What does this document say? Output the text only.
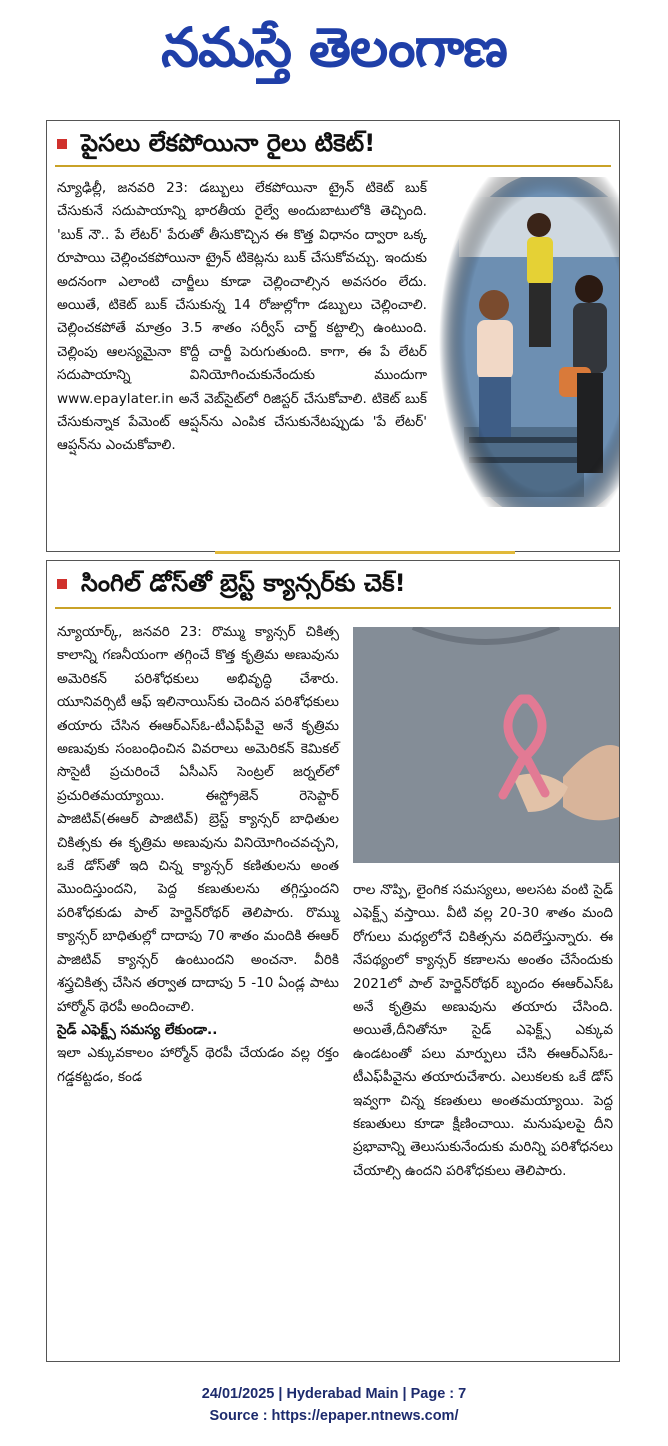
నమస్తే తెలంగాణ
పైసలు లేకపోయినా రైలు టికెట్!

న్యూఢిల్లీ, జనవరి 23: డబ్బులు లేకపోయినా ట్రైన్ టికెట్ బుక్ చేసుకునే సదుపాయాన్ని భారతీయ రైల్వే అందుబాటులోకి తెచ్చింది. 'బుక్ నౌ.. పే లేటర్' పేరుతో తీసుకొచ్చిన ఈ కొత్త విధానం ద్వారా ఒక్క రూపాయి చెల్లించకపోయినా ట్రైన్ టికెట్లను బుక్ చేసుకోవచ్చు. ఇందుకు అదనంగా ఎలాంటి చార్జీలు కూడా చెల్లించాల్సిన అవసరం లేదు. అయితే, టికెట్ బుక్ చేసుకున్న 14 రోజుల్లోగా డబ్బులు చెల్లించాలి. చెల్లించకపోతే మాత్రం 3.5 శాతం సర్వీస్ చార్జ్ కట్టాల్సి ఉంటుంది. చెల్లింపు ఆలస్యమైనా కొద్దీ చార్జీ పెరుగుతుంది. కాగా, ఈ పే లేటర్ సదుపాయాన్ని వినియోగించుకునేందుకు ముందుగా www.epaylater.in అనే వెబ్‌సైట్‌లో రిజిస్టర్ చేసుకోవాలి. టికెట్ బుక్ చేసుకున్నాక పేమెంట్ ఆప్షన్‌ను ఎంపిక చేసుకునేటప్పుడు 'పే లేటర్' ఆప్షన్‌ను ఎంచుకోవాలి.

సింగిల్ డోస్‌తో బ్రెస్ట్ క్యాన్సర్‌కు చెక్!

న్యూయార్క్, జనవరి 23: రొమ్ము క్యాన్సర్ చికిత్స కాలాన్ని గణనీయంగా తగ్గించే కొత్త కృత్రిమ అణువును అమెరికన్ పరిశోధకులు అభివృద్ధి చేశారు. యూనివర్సిటీ ఆఫ్ ఇలినాయిస్‌కు చెందిన పరిశోధకులు తయారు చేసిన ఈఆర్ఎస్ఓ-టీఎఫ్‌పీవై అనే కృత్రిమ అణువుకు సంబంధించిన వివరాలు అమెరికన్ కెమికల్ సొసైటీ ప్రచురించే ఏసీఎస్ సెంట్రల్ జర్నల్‌లో ప్రచురితమయ్యాయి. ఈస్ట్రోజెన్ రెసెప్టార్ పాజిటివ్(ఈఆర్ పాజిటివ్) బ్రెస్ట్ క్యాన్సర్ బాధితుల చికిత్సకు ఈ కృత్రిమ అణువును వినియోగించవచ్చని, ఒకే డోస్‌తో ఇది చిన్న క్యాన్సర్ కణితులను అంత మొందిస్తుందని, పెద్ద కణుతులను తగ్గిస్తుందని పరిశోధకుడు పాల్ హెర్జెన్‌రోథర్ తెలిపారు. రొమ్ము క్యాన్సర్ బాధితుల్లో దాదాపు 70 శాతం మందికి ఈఆర్ పాజిటివ్ క్యాన్సర్ ఉంటుందని అంచనా. వీరికి శస్త్రచికిత్స చేసిన తర్వాత దాదాపు 5 -10 ఏండ్ల పాటు హార్మోన్ థెరపీ అందించాలి.

సైడ్ ఎఫెక్ట్స్ సమస్య లేకుండా..

ఇలా ఎక్కువకాలం హార్మోన్ థెరపీ చేయడం వల్ల రక్తం గడ్డకట్టడం, కండ

రాల నొప్పి, లైంగిక సమస్యలు, అలసట వంటి సైడ్ ఎఫెక్ట్స్ వస్తాయి. వీటి వల్ల 20-30 శాతం మంది రోగులు మధ్యలోనే చికిత్సను వదిలేస్తున్నారు. ఈ నేపథ్యంలో క్యాన్సర్ కణాలను అంతం చేసేందుకు 2021లో పాల్ హెర్జెన్‌రోథర్ బృందం ఈఆర్ఎస్ఓ అనే కృత్రిమ అణువును తయారు చేసింది. అయితే,దీనితోనూ సైడ్ ఎఫెక్ట్స్ ఎక్కువ ఉండటంతో పలు మార్పులు చేసి ఈఆర్ఎస్ఓ-టీఎఫ్‌పీవైను తయారుచేశారు. ఎలుకలకు ఒకే డోస్ ఇవ్వగా చిన్న కణతులు అంతమయ్యాయి. పెద్ద కణుతులు కూడా క్షీణించాయి. మనుషులపై దీని ప్రభావాన్ని తెలుసుకునేందుకు మరిన్ని పరిశోధనలు చేయాల్సి ఉందని పరిశోధకులు తెలిపారు.

24/01/2025 | Hyderabad Main | Page : 7
Source : https://epaper.ntnews.com/
